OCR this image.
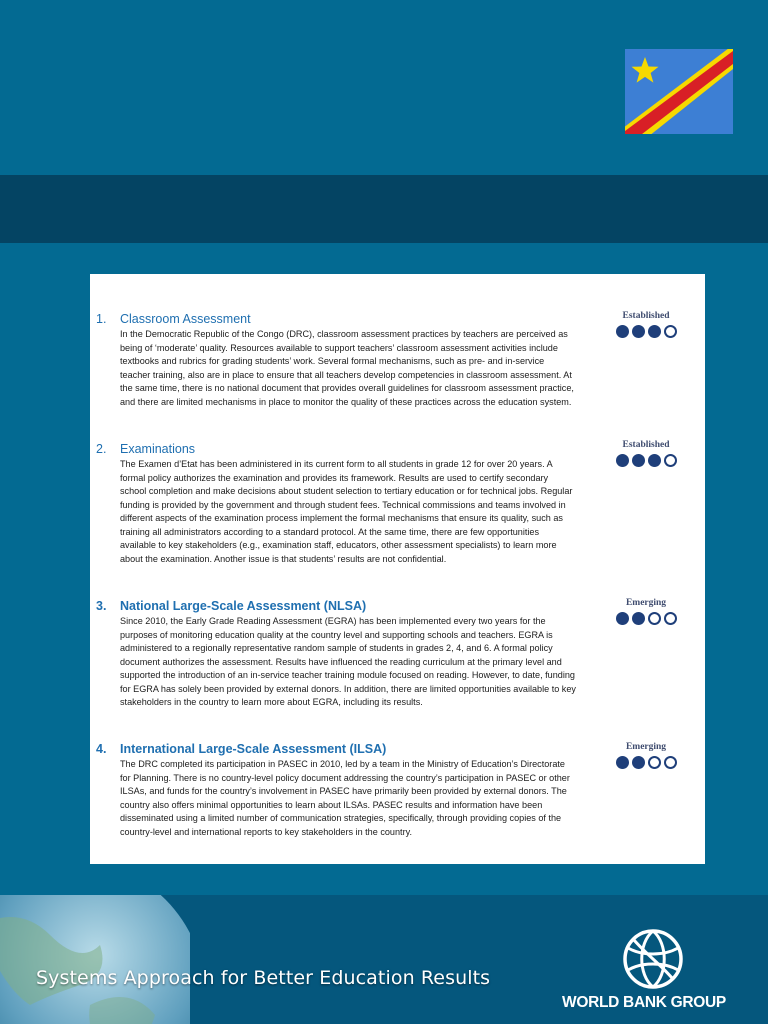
1. Classroom Assessment

In the Democratic Republic of the Congo (DRC), classroom assessment practices by teachers are perceived as being of ‘moderate’ quality. Resources available to support teachers’ classroom assessment activities include textbooks and rubrics for grading students’ work. Several formal mechanisms, such as pre- and in-service teacher training, also are in place to ensure that all teachers develop competencies in classroom assessment. At the same time, there is no national document that provides overall guidelines for classroom assessment practice, and there are limited mechanisms in place to monitor the quality of these practices across the education system.

Established
2. Examinations

The Examen d’Etat has been administered in its current form to all students in grade 12 for over 20 years. A formal policy authorizes the examination and provides its framework. Results are used to certify secondary school completion and make decisions about student selection to tertiary education or for technical jobs. Regular funding is provided by the government and through student fees. Technical commissions and teams involved in different aspects of the examination process implement the formal mechanisms that ensure its quality, such as training all administrators according to a standard protocol. At the same time, there are few opportunities available to key stakeholders (e.g., examination staff, educators, other assessment specialists) to learn more about the examination. Another issue is that students’ results are not confidential.

Established
3. National Large-Scale Assessment (NLSA)

Since 2010, the Early Grade Reading Assessment (EGRA) has been implemented every two years for the purposes of monitoring education quality at the country level and supporting schools and teachers. EGRA is administered to a regionally representative random sample of students in grades 2, 4, and 6. A formal policy document authorizes the assessment. Results have influenced the reading curriculum at the primary level and supported the introduction of an in-service teacher training module focused on reading. However, to date, funding for EGRA has solely been provided by external donors. In addition, there are limited opportunities available to key stakeholders in the country to learn more about EGRA, including its results.

Emerging
4. International Large-Scale Assessment (ILSA)

The DRC completed its participation in PASEC in 2010, led by a team in the Ministry of Education’s Directorate for Planning. There is no country-level policy document addressing the country’s participation in PASEC or other ILSAs, and funds for the country’s involvement in PASEC have primarily been provided by external donors. The country also offers minimal opportunities to learn about ILSAs. PASEC results and information have been disseminated using a limited number of communication strategies, specifically, through providing copies of the country-level and international reports to key stakeholders in the country.

Emerging
Systems Approach for Better Education Results
WORLD BANK GROUP
